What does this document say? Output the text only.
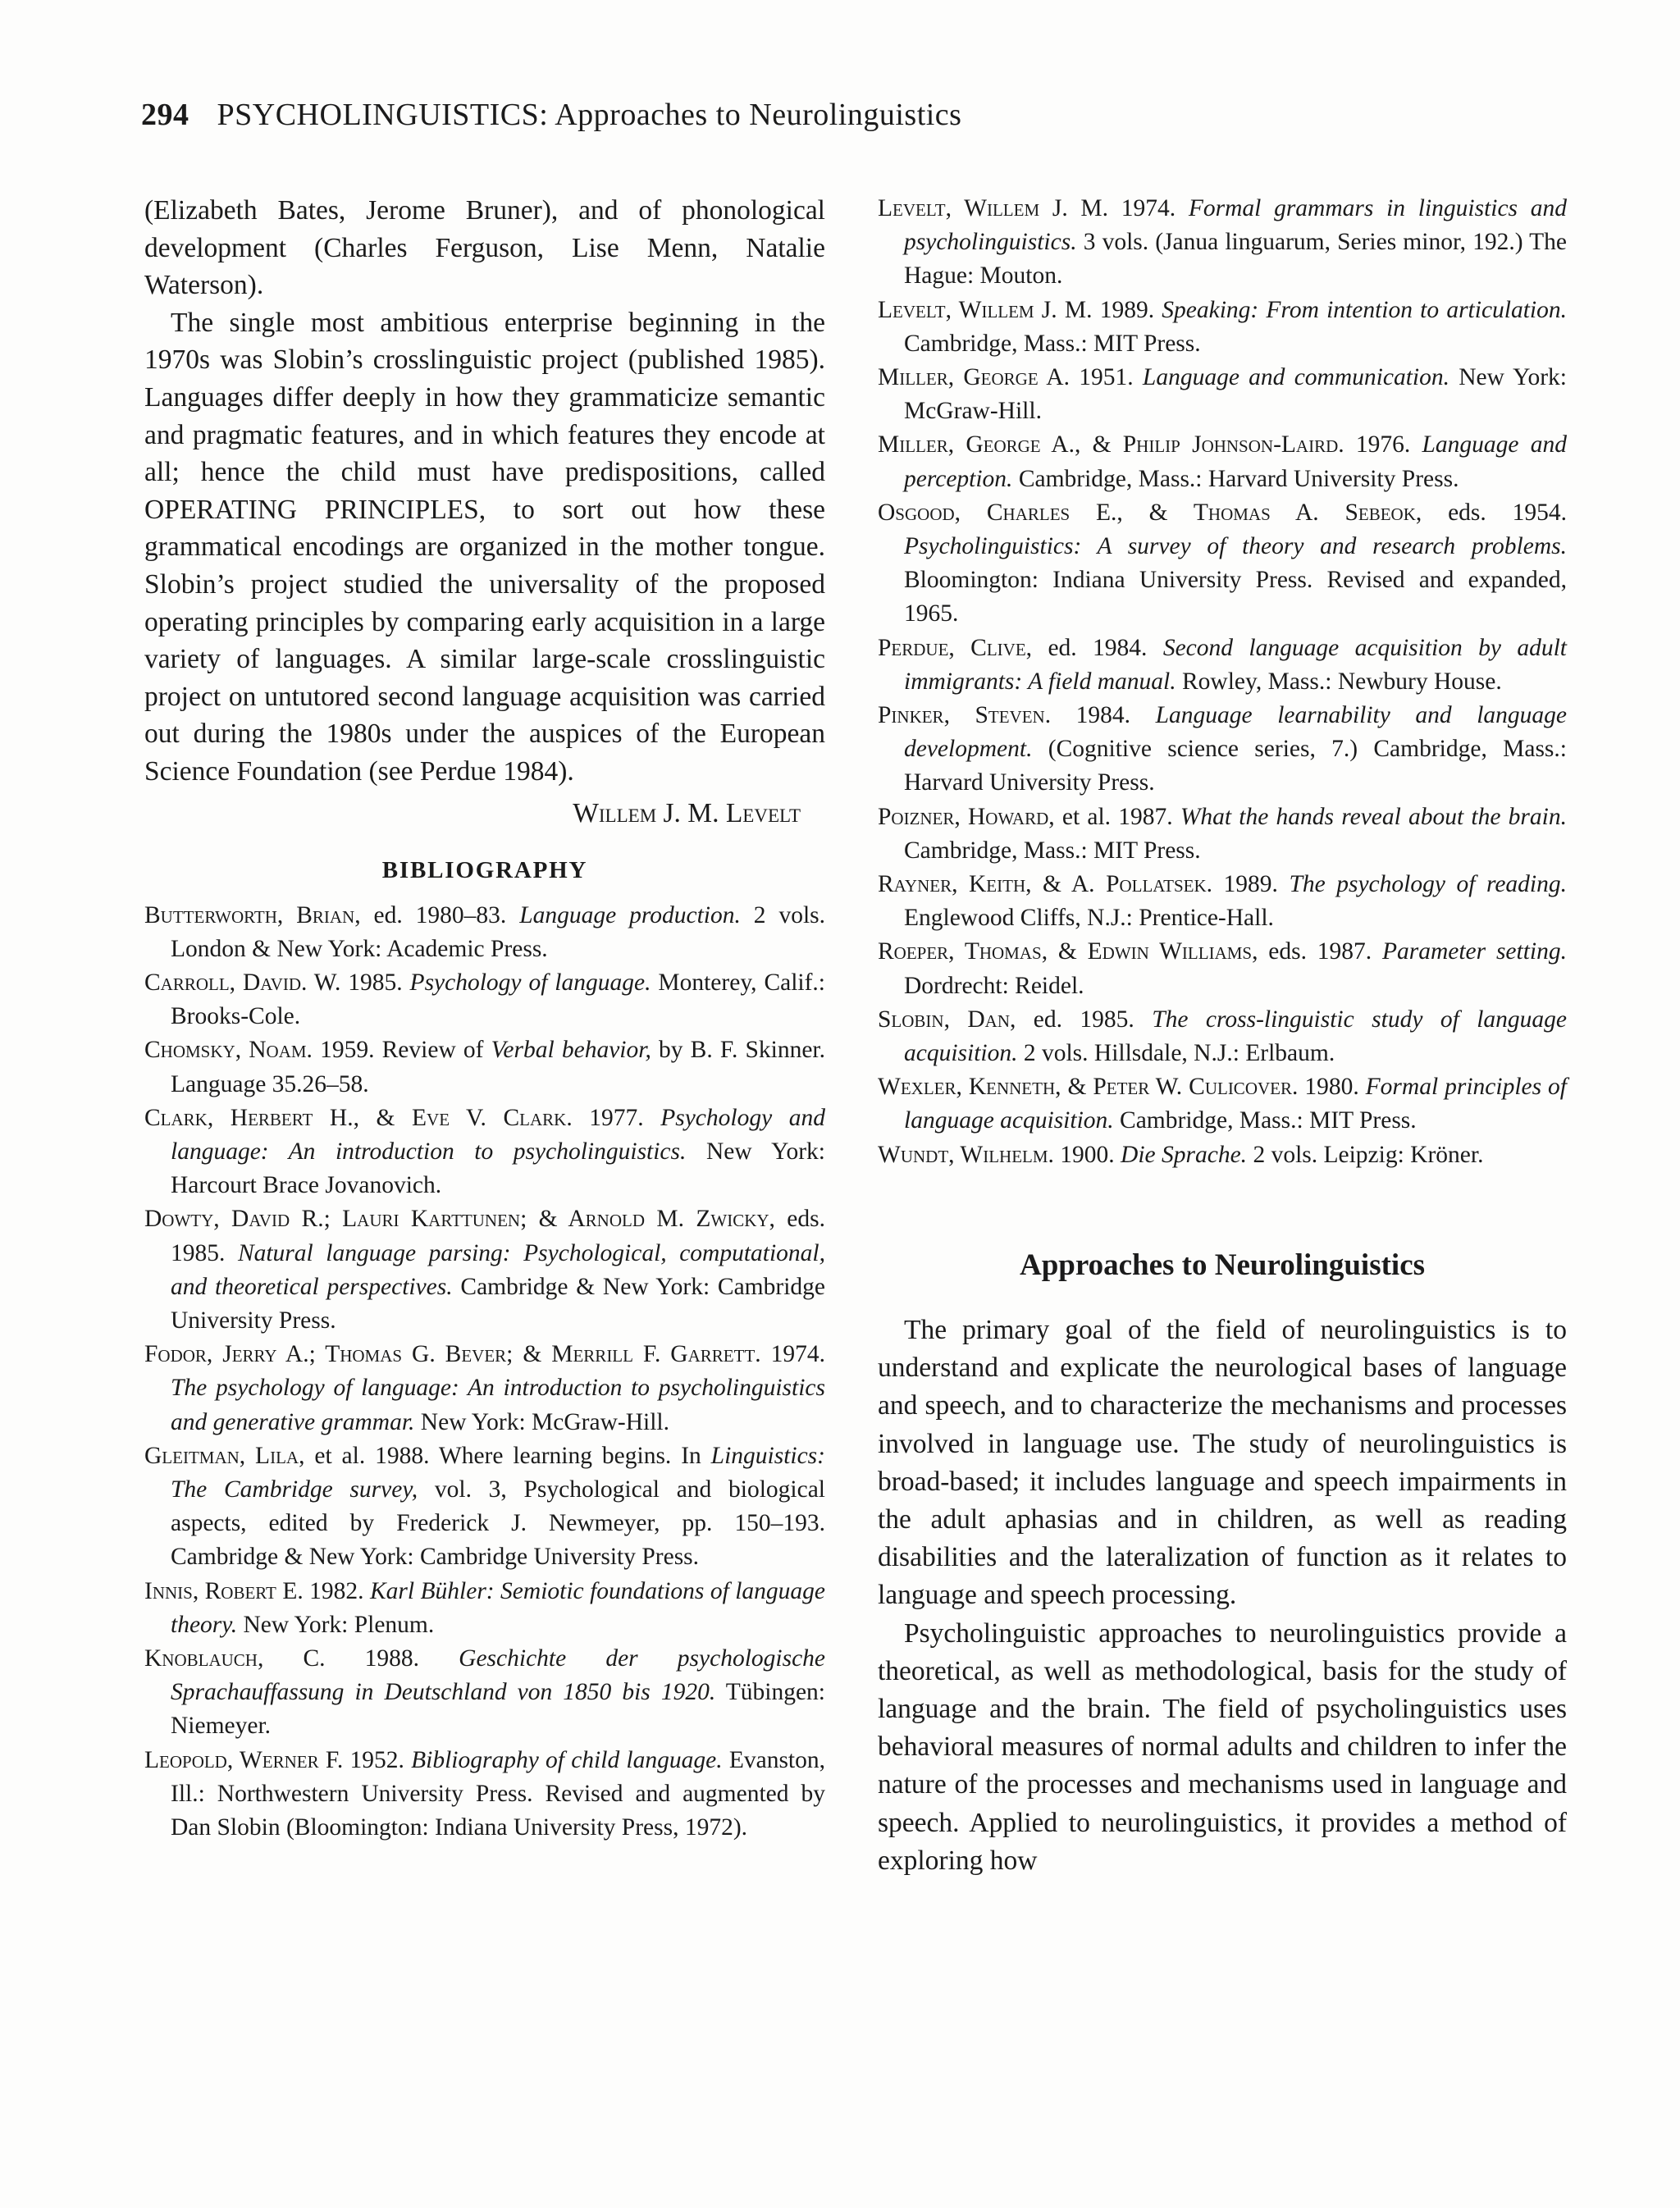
294 PSYCHOLINGUISTICS: Approaches to Neurolinguistics

(Elizabeth Bates, Jerome Bruner), and of phonological development (Charles Ferguson, Lise Menn, Natalie Waterson).

The single most ambitious enterprise beginning in the 1970s was Slobin’s crosslinguistic project (published 1985). Languages differ deeply in how they grammaticize semantic and pragmatic features, and in which features they encode at all; hence the child must have predispositions, called OPERATING PRINCIPLES, to sort out how these grammatical encodings are organized in the mother tongue. Slobin’s project studied the universality of the proposed operating principles by comparing early acquisition in a large variety of languages. A similar large-scale crosslinguistic project on untutored second language acquisition was carried out during the 1980s under the auspices of the European Science Foundation (see Perdue 1984).

Willem J. M. Levelt
BIBLIOGRAPHY

Butterworth, Brian, ed. 1980–83. Language production. 2 vols. London & New York: Academic Press.

Carroll, David. W. 1985. Psychology of language. Monterey, Calif.: Brooks-Cole.

Chomsky, Noam. 1959. Review of Verbal behavior, by B. F. Skinner. Language 35.26–58.

Clark, Herbert H., & Eve V. Clark. 1977. Psychology and language: An introduction to psycholinguistics. New York: Harcourt Brace Jovanovich.

Dowty, David R.; Lauri Karttunen; & Arnold M. Zwicky, eds. 1985. Natural language parsing: Psychological, computational, and theoretical perspectives. Cambridge & New York: Cambridge University Press.

Fodor, Jerry A.; Thomas G. Bever; & Merrill F. Garrett. 1974. The psychology of language: An introduction to psycholinguistics and generative grammar. New York: McGraw-Hill.

Gleitman, Lila, et al. 1988. Where learning begins. In Linguistics: The Cambridge survey, vol. 3, Psychological and biological aspects, edited by Frederick J. Newmeyer, pp. 150–193. Cambridge & New York: Cambridge University Press.

Innis, Robert E. 1982. Karl Bühler: Semiotic foundations of language theory. New York: Plenum.

Knoblauch, C. 1988. Geschichte der psychologische Sprachauffassung in Deutschland von 1850 bis 1920. Tübingen: Niemeyer.

Leopold, Werner F. 1952. Bibliography of child language. Evanston, Ill.: Northwestern University Press. Revised and augmented by Dan Slobin (Bloomington: Indiana University Press, 1972).

Levelt, Willem J. M. 1974. Formal grammars in linguistics and psycholinguistics. 3 vols. (Janua linguarum, Series minor, 192.) The Hague: Mouton.

Levelt, Willem J. M. 1989. Speaking: From intention to articulation. Cambridge, Mass.: MIT Press.

Miller, George A. 1951. Language and communication. New York: McGraw-Hill.

Miller, George A., & Philip Johnson-Laird. 1976. Language and perception. Cambridge, Mass.: Harvard University Press.

Osgood, Charles E., & Thomas A. Sebeok, eds. 1954. Psycholinguistics: A survey of theory and research problems. Bloomington: Indiana University Press. Revised and expanded, 1965.

Perdue, Clive, ed. 1984. Second language acquisition by adult immigrants: A field manual. Rowley, Mass.: Newbury House.

Pinker, Steven. 1984. Language learnability and language development. (Cognitive science series, 7.) Cambridge, Mass.: Harvard University Press.

Poizner, Howard, et al. 1987. What the hands reveal about the brain. Cambridge, Mass.: MIT Press.

Rayner, Keith, & A. Pollatsek. 1989. The psychology of reading. Englewood Cliffs, N.J.: Prentice-Hall.

Roeper, Thomas, & Edwin Williams, eds. 1987. Parameter setting. Dordrecht: Reidel.

Slobin, Dan, ed. 1985. The cross-linguistic study of language acquisition. 2 vols. Hillsdale, N.J.: Erlbaum.

Wexler, Kenneth, & Peter W. Culicover. 1980. Formal principles of language acquisition. Cambridge, Mass.: MIT Press.

Wundt, Wilhelm. 1900. Die Sprache. 2 vols. Leipzig: Kröner.

Approaches to Neurolinguistics

The primary goal of the field of neurolinguistics is to understand and explicate the neurological bases of language and speech, and to characterize the mechanisms and processes involved in language use. The study of neurolinguistics is broad-based; it includes language and speech impairments in the adult aphasias and in children, as well as reading disabilities and the lateralization of function as it relates to language and speech processing.

Psycholinguistic approaches to neurolinguistics provide a theoretical, as well as methodological, basis for the study of language and the brain. The field of psycholinguistics uses behavioral measures of normal adults and children to infer the nature of the processes and mechanisms used in language and speech. Applied to neurolinguistics, it provides a method of exploring how
